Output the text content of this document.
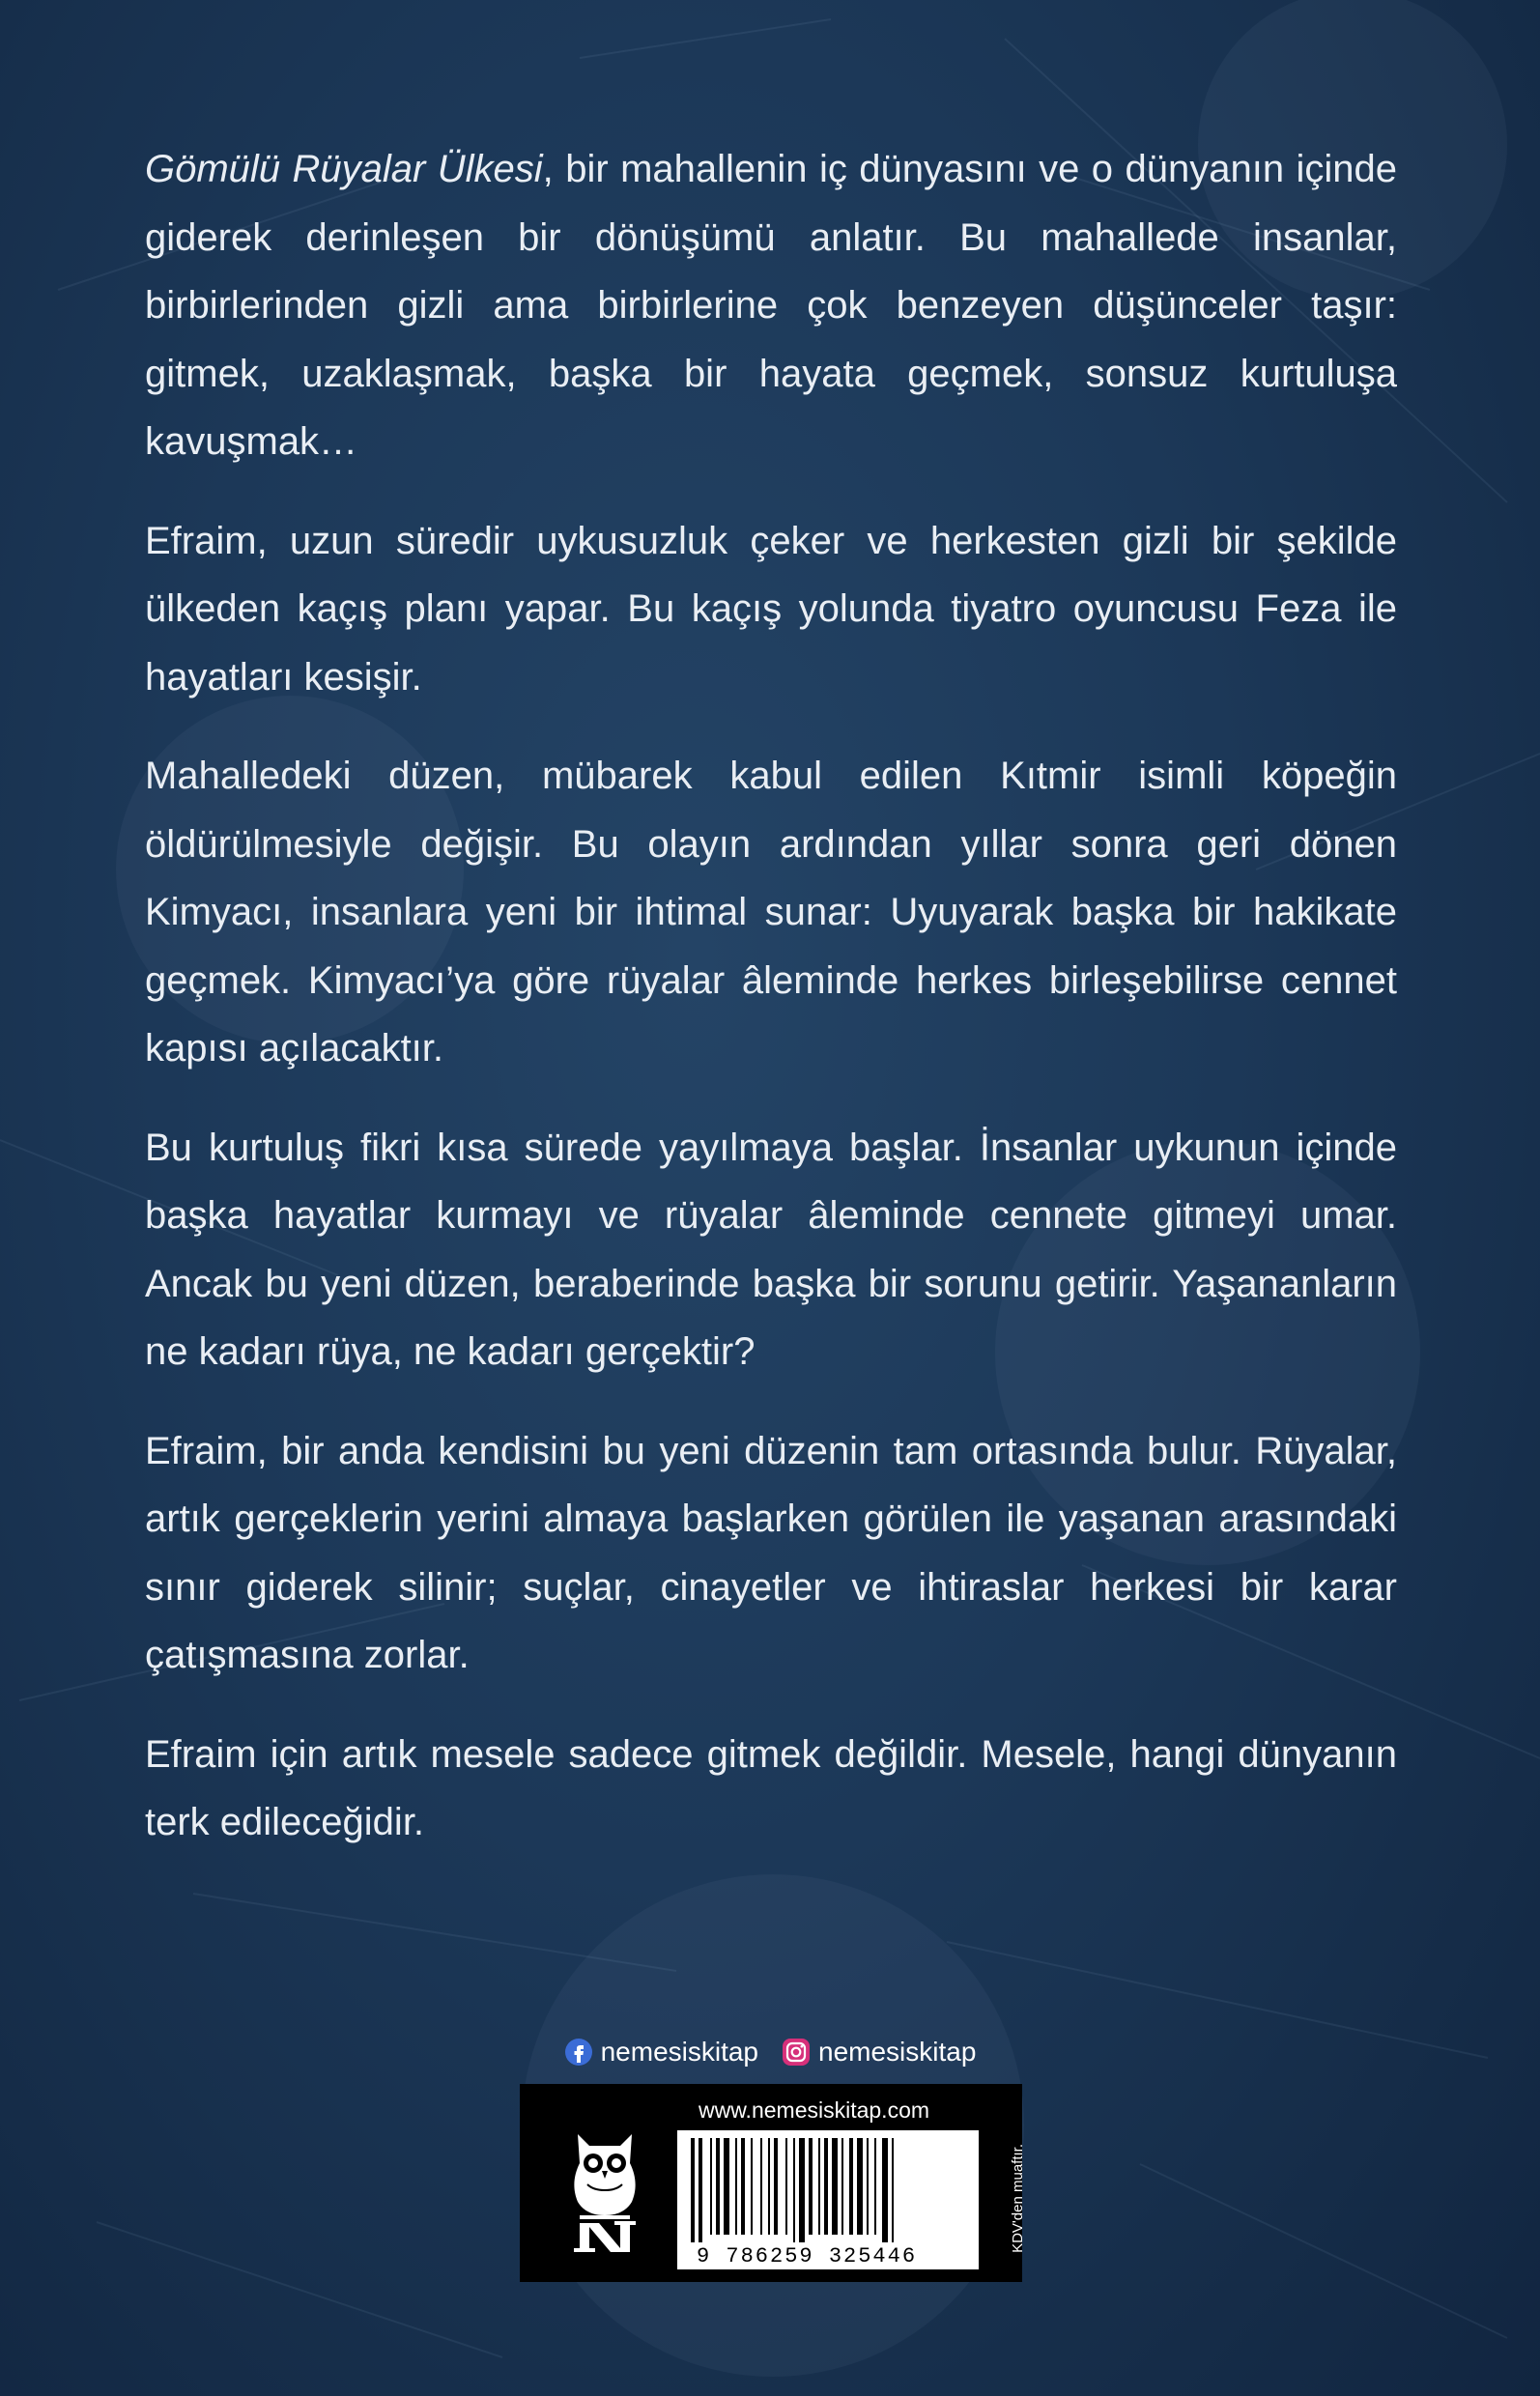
Gömülü Rüyalar Ülkesi, bir mahallenin iç dünyasını ve o dünyanın içinde giderek derinleşen bir dönüşümü anlatır. Bu mahallede insanlar, birbirlerinden gizli ama birbirlerine çok benzeyen düşünceler taşır: gitmek, uzaklaşmak, başka bir hayata geçmek, sonsuz kurtuluşa kavuşmak…

Efraim, uzun süredir uykusuzluk çeker ve herkesten gizli bir şekilde ülkeden kaçış planı yapar. Bu kaçış yolunda tiyatro oyuncusu Feza ile hayatları kesişir.

Mahalledeki düzen, mübarek kabul edilen Kıtmir isimli köpeğin öldürülmesiyle değişir. Bu olayın ardından yıllar sonra geri dönen Kimyacı, insanlara yeni bir ihtimal sunar: Uyuyarak başka bir hakikate geçmek. Kimyacı’ya göre rüyalar âleminde herkes birleşebilirse cennet kapısı açılacaktır.

Bu kurtuluş fikri kısa sürede yayılmaya başlar. İnsanlar uykunun içinde başka hayatlar kurmayı ve rüyalar âleminde cennete gitmeyi umar. Ancak bu yeni düzen, beraberinde başka bir sorunu getirir. Yaşananların ne kadarı rüya, ne kadarı gerçektir?

Efraim, bir anda kendisini bu yeni düzenin tam ortasında bulur. Rüyalar, artık gerçeklerin yerini almaya başlarken görülen ile yaşanan arasındaki sınır giderek silinir; suçlar, cinayetler ve ihtiraslar herkesi bir karar çatışmasına zorlar.

Efraim için artık mesele sadece gitmek değildir. Mesele, hangi dünyanın terk edileceğidir.

nemesiskitap nemesiskitap
www.nemesiskitap.com
9 786259 325446
KDV'den muaftır.
